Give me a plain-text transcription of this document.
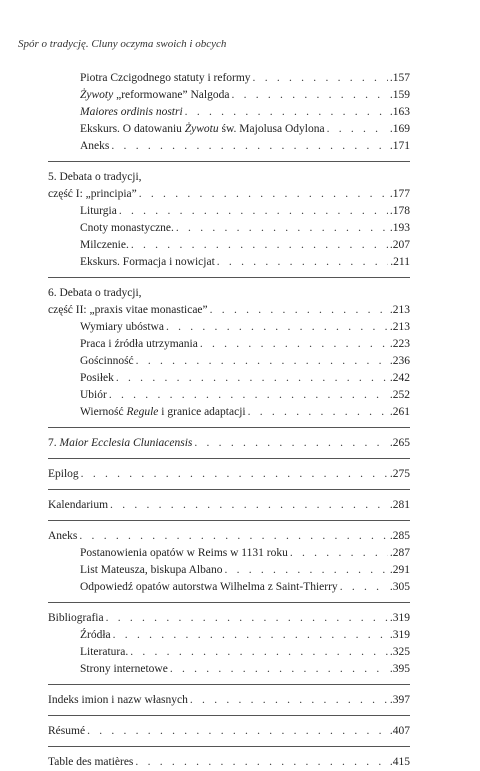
Spór o tradycję. Cluny oczyma swoich i obcych
Piotra Czcigodnego statuty i reformy . . .	.157
Żywoty „reformowane” Nalgoda . . .	.159
Maiores ordinis nostri . . .	.163
Ekskurs. O datowaniu Żywotu św. Majolusa Odylona . . .	.169
Aneks . . .	.171
5. Debata o tradycji,
część I: „principia” . . .	.177
Liturgia . . .	.178
Cnoty monastyczne. . . .	.193
Milczenie. . . .	.207
Ekskurs. Formacja i nowicjat . . .	.211
6. Debata o tradycji,
część II: „praxis vitae monasticae” . . .	.213
Wymiary ubóstwa . . .	.213
Praca i źródła utrzymania . . .	.223
Gościnność . . .	.236
Posiłek . . .	.242
Ubiór . . .	.252
Wierność Regule i granice adaptacji . . .	.261
7. Maior Ecclesia Cluniacensis . . .	.265
Epilog . . .	.275
Kalendarium . . .	.281
Aneks . . .	.285
Postanowienia opatów w Reims w 1131 roku . . .	.287
List Mateusza, biskupa Albano . . .	.291
Odpowiedź opatów autorstwa Wilhelma z Saint-Thierry . . .	.305
Bibliografia . . .	.319
Źródła . . .	.319
Literatura. . . .	.325
Strony internetowe . . .	.395
Indeks imion i nazw własnych . . .	.397
Résumé . . .	.407
Table des matières . . .	.415
